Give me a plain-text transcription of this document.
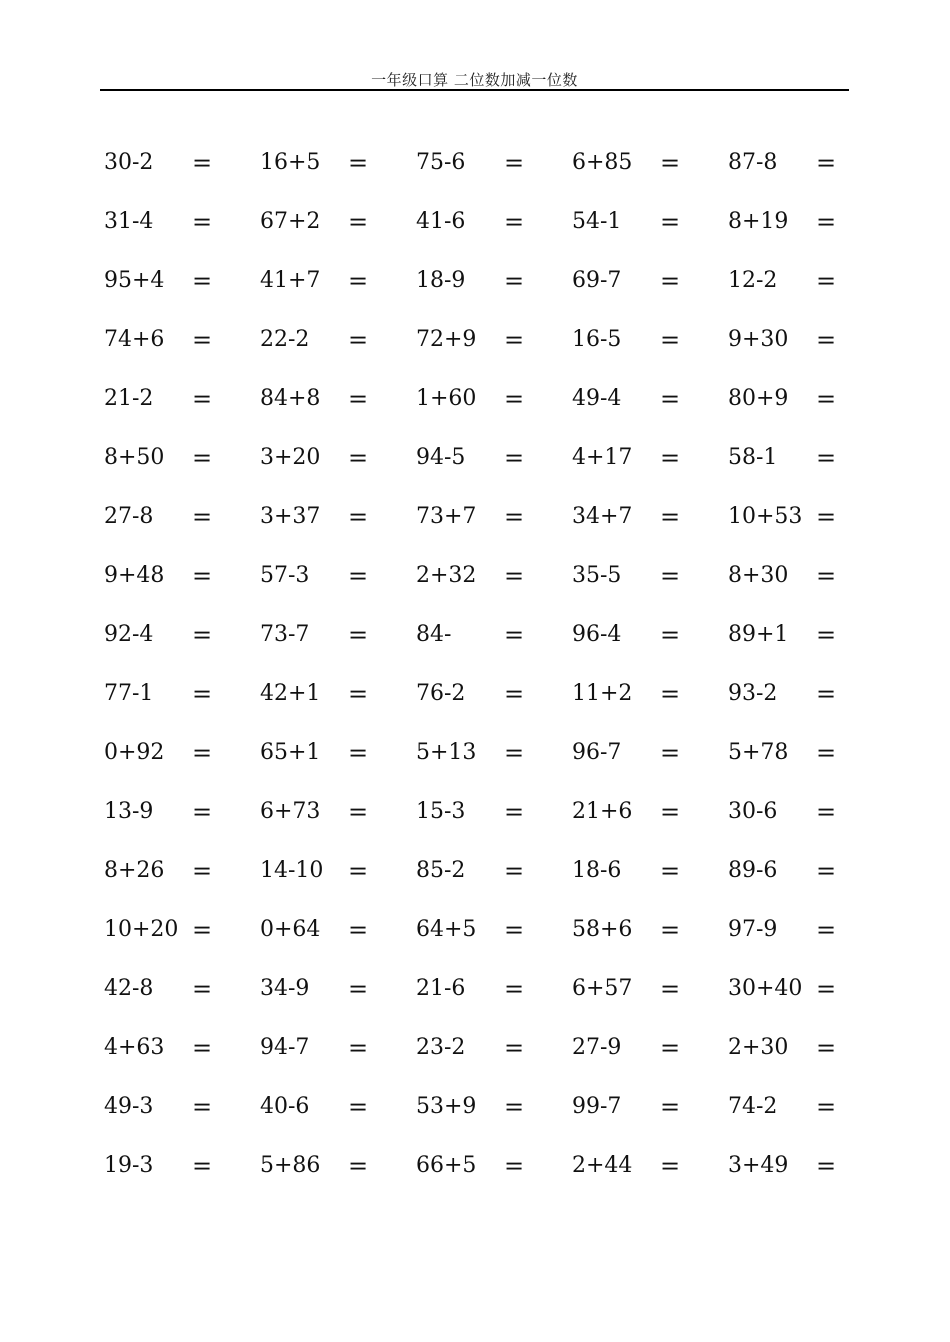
一年级口算 二位数加减一位数
30-2 = 16+5 = 75-6 = 6+85 = 87-8 =
31-4 = 67+2 = 41-6 = 54-1 = 8+19 =
95+4 = 41+7 = 18-9 = 69-7 = 12-2 =
74+6 = 22-2 = 72+9 = 16-5 = 9+30 =
21-2 = 84+8 = 1+60 = 49-4 = 80+9 =
8+50 = 3+20 = 94-5 = 4+17 = 58-1 =
27-8 = 3+37 = 73+7 = 34+7 = 10+53 =
9+48 = 57-3 = 2+32 = 35-5 = 8+30 =
92-4 = 73-7 = 84- = 96-4 = 89+1 =
77-1 = 42+1 = 76-2 = 11+2 = 93-2 =
0+92 = 65+1 = 5+13 = 96-7 = 5+78 =
13-9 = 6+73 = 15-3 = 21+6 = 30-6 =
8+26 = 14-10 = 85-2 = 18-6 = 89-6 =
10+20 = 0+64 = 64+5 = 58+6 = 97-9 =
42-8 = 34-9 = 21-6 = 6+57 = 30+40 =
4+63 = 94-7 = 23-2 = 27-9 = 2+30 =
49-3 = 40-6 = 53+9 = 99-7 = 74-2 =
19-3 = 5+86 = 66+5 = 2+44 = 3+49 =
